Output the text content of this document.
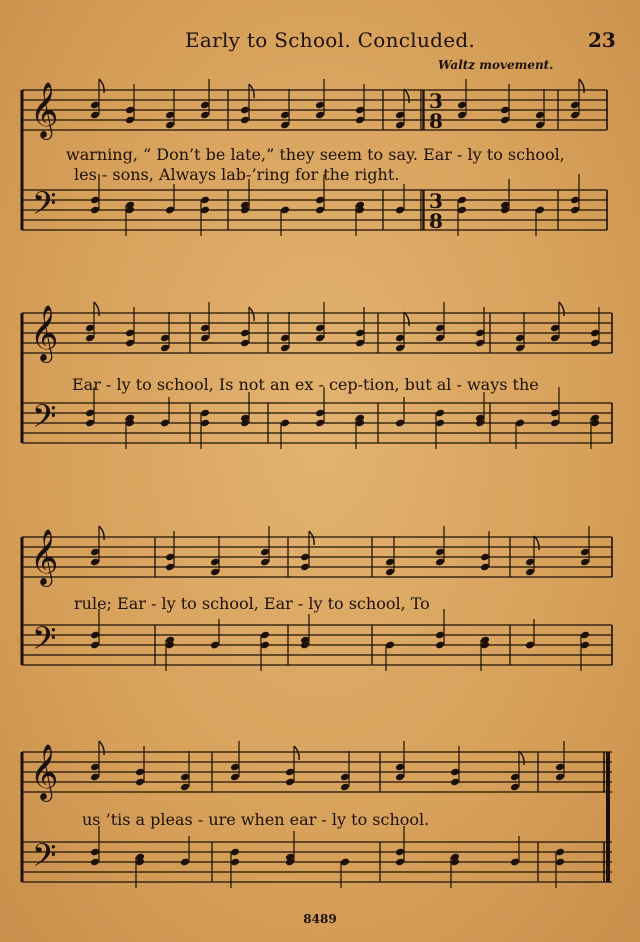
Early to School. Concluded.	23
Waltz movement.
𝄞
𝄢
3
8
3
8
𝄞
𝄢
𝄞
𝄢
𝄞
𝄢
warning, “ Don’t be late,” they seem to say. Ear - ly to school,
les - sons, Always lab-’ring for the right.
Ear - ly to school, Is not an ex - cep-tion, but al - ways the
rule; Ear - ly to school, Ear - ly to school, To
us ’tis a pleas - ure when ear - ly to school.
8489
